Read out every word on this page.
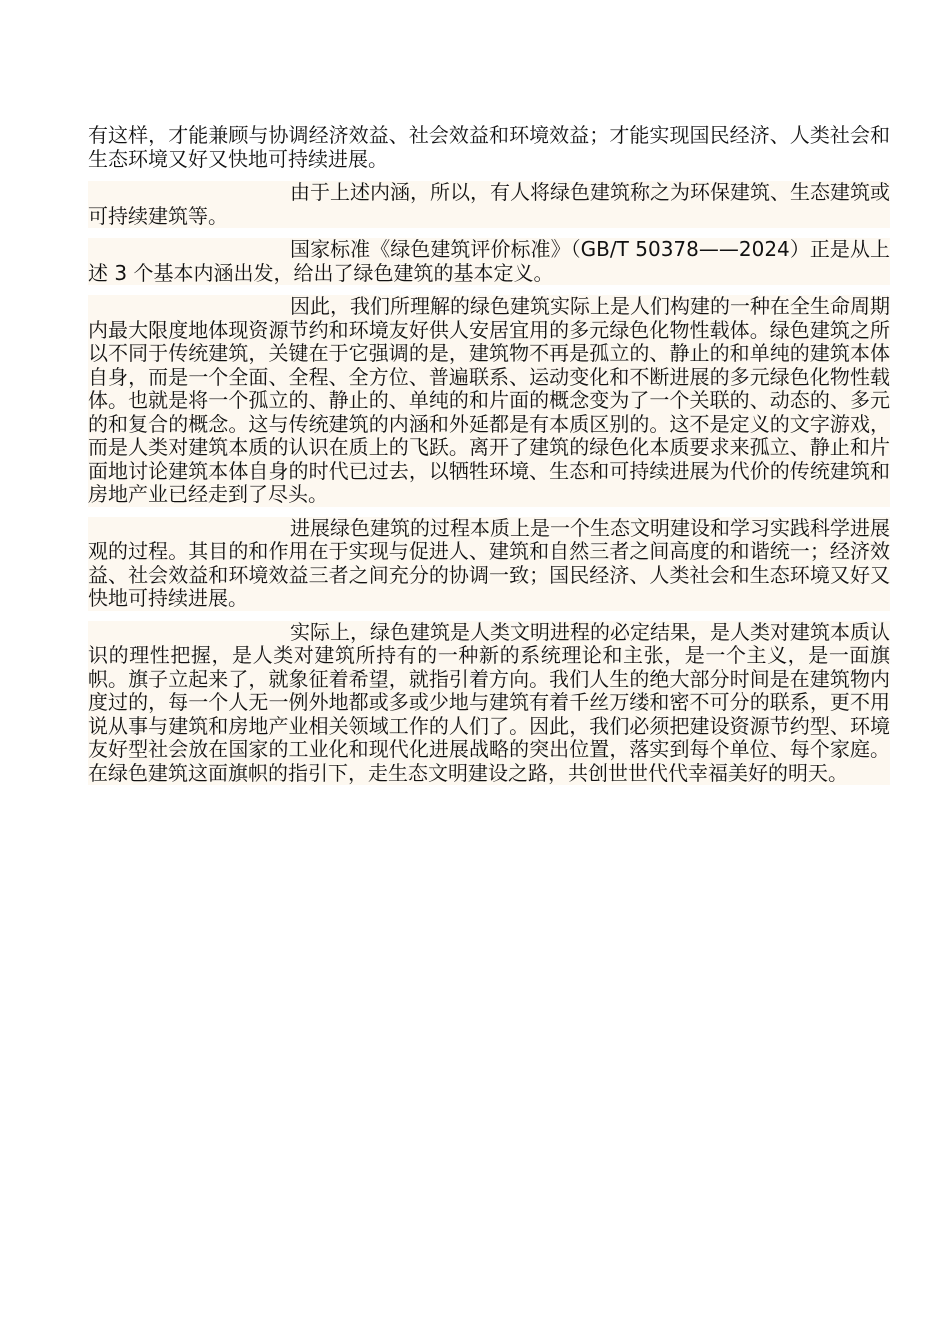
有这样，才能兼顾与协调经济效益、社会效益和环境效益；才能实现国民经济、人类社会和生态环境又好又快地可持续进展。

由于上述内涵，所以，有人将绿色建筑称之为环保建筑、生态建筑或可持续建筑等。

国家标准《绿色建筑评价标准》（GB/T 50378——2024）正是从上述 3 个基本内涵出发，给出了绿色建筑的基本定义。

因此，我们所理解的绿色建筑实际上是人们构建的一种在全生命周期内最大限度地体现资源节约和环境友好供人安居宜用的多元绿色化物性载体。绿色建筑之所以不同于传统建筑，关键在于它强调的是，建筑物不再是孤立的、静止的和单纯的建筑本体自身，而是一个全面、全程、全方位、普遍联系、运动变化和不断进展的多元绿色化物性载体。也就是将一个孤立的、静止的、单纯的和片面的概念变为了一个关联的、动态的、多元的和复合的概念。这与传统建筑的内涵和外延都是有本质区别的。这不是定义的文字游戏，而是人类对建筑本质的认识在质上的飞跃。离开了建筑的绿色化本质要求来孤立、静止和片面地讨论建筑本体自身的时代已过去，以牺牲环境、生态和可持续进展为代价的传统建筑和房地产业已经走到了尽头。

进展绿色建筑的过程本质上是一个生态文明建设和学习实践科学进展观的过程。其目的和作用在于实现与促进人、建筑和自然三者之间高度的和谐统一；经济效益、社会效益和环境效益三者之间充分的协调一致；国民经济、人类社会和生态环境又好又快地可持续进展。

实际上，绿色建筑是人类文明进程的必定结果，是人类对建筑本质认识的理性把握，是人类对建筑所持有的一种新的系统理论和主张，是一个主义，是一面旗帜。旗子立起来了，就象征着希望，就指引着方向。我们人生的绝大部分时间是在建筑物内度过的，每一个人无一例外地都或多或少地与建筑有着千丝万缕和密不可分的联系，更不用说从事与建筑和房地产业相关领域工作的人们了。因此，我们必须把建设资源节约型、环境友好型社会放在国家的工业化和现代化进展战略的突出位置，落实到每个单位、每个家庭。在绿色建筑这面旗帜的指引下，走生态文明建设之路，共创世世代代幸福美好的明天。
